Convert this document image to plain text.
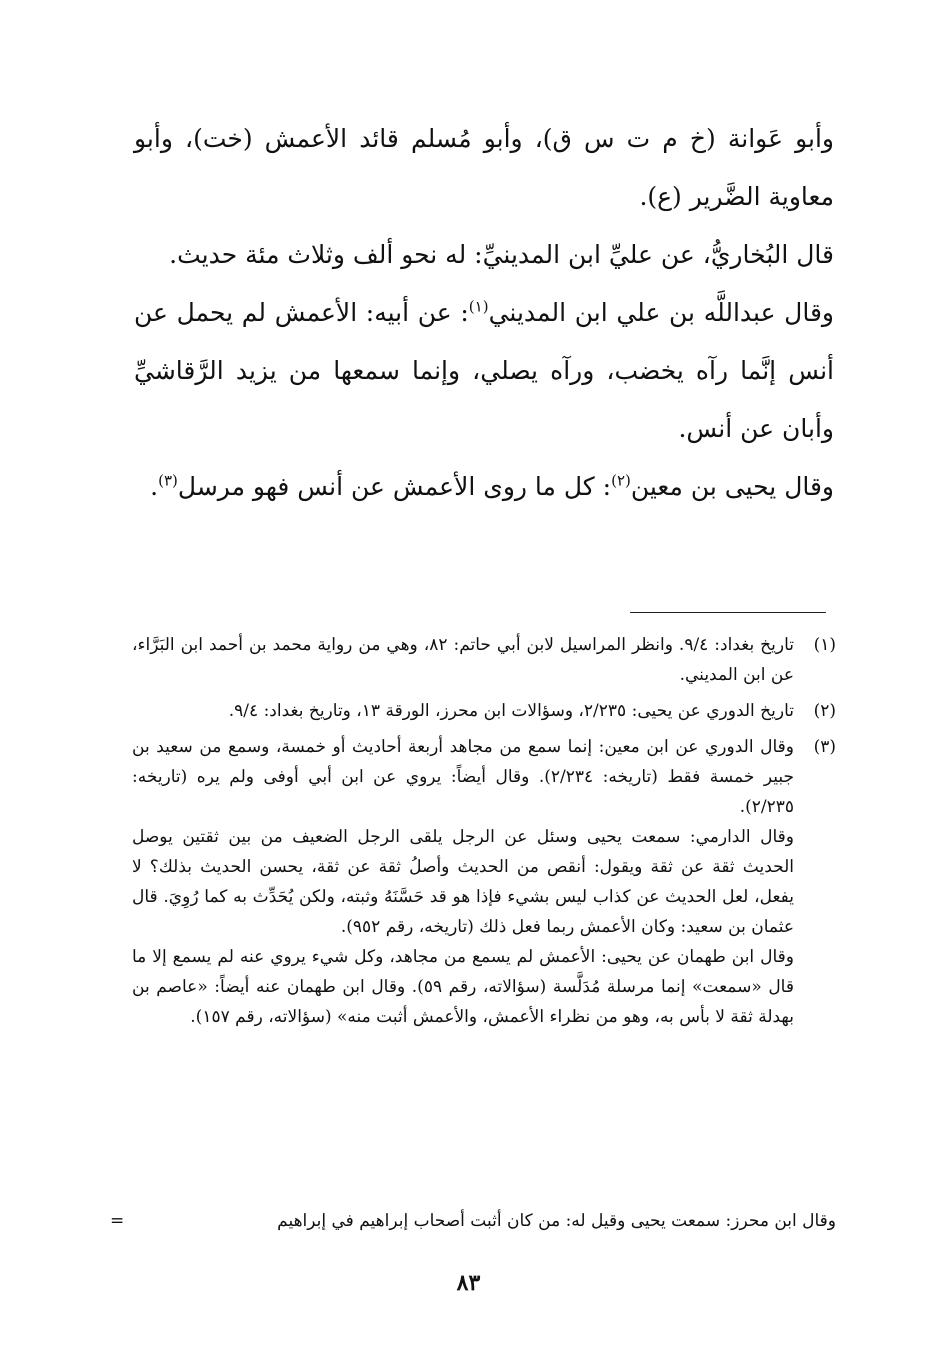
وأبو عَوانة (خ م ت س ق)، وأبو مُسلم قائد الأعمش (خت)، وأبو معاوية الضَّرير (ع).

قال البُخاريُّ، عن عليِّ ابن المدينيِّ: له نحو ألف وثلاث مئة حديث.

وقال عبداللَّه بن علي ابن المديني$^{(١)}$: عن أبيه: الأعمش لم يحمل عن أنس إنَّما رآه يخضب، ورآه يصلي، وإنما سمعها من يزيد الرَّقاشيِّ وأبان عن أنس.

وقال يحيى بن معين$^{(٢)}$: كل ما روى الأعمش عن أنس فهو مرسل$^{(٣)}$.

(١)

تاريخ بغداد: ٩/٤. وانظر المراسيل لابن أبي حاتم: ٨٢، وهي من رواية محمد بن أحمد ابن البَرَّاء، عن ابن المديني.

(٢)

تاريخ الدوري عن يحيى: ٢/٢٣٥، وسؤالات ابن محرز، الورقة ١٣، وتاريخ بغداد: ٩/٤.

(٣)

وقال الدوري عن ابن معين: إنما سمع من مجاهد أربعة أحاديث أو خمسة، وسمع من سعيد بن جبير خمسة فقط (تاريخه: ٢/٢٣٤). وقال أيضاً: يروي عن ابن أبي أوفى ولم يره (تاريخه: ٢/٢٣٥).

وقال الدارمي: سمعت يحيى وسئل عن الرجل يلقى الرجل الضعيف من بين ثقتين يوصل الحديث ثقة عن ثقة ويقول: أنقص من الحديث وأصلُ ثقة عن ثقة، يحسن الحديث بذلك؟ لا يفعل، لعل الحديث عن كذاب ليس بشيء فإذا هو قد حَسَّنَهُ وثبته، ولكن يُحَدِّث به كما رُوِيَ. قال عثمان بن سعيد: وكان الأعمش ربما فعل ذلك (تاريخه، رقم ٩٥٢).

وقال ابن طهمان عن يحيى: الأعمش لم يسمع من مجاهد، وكل شيء يروي عنه لم يسمع إلا ما قال «سمعت» إنما مرسلة مُدَلَّسة (سؤالاته، رقم ٥٩). وقال ابن طهمان عنه أيضاً: «عاصم بن بهدلة ثقة لا بأس به، وهو من نظراء الأعمش، والأعمش أثبت منه» (سؤالاته، رقم ١٥٧).

وقال ابن محرز: سمعت يحيى وقيل له: من كان أثبت أصحاب إبراهيم في إبراهيم
=
٨٣
